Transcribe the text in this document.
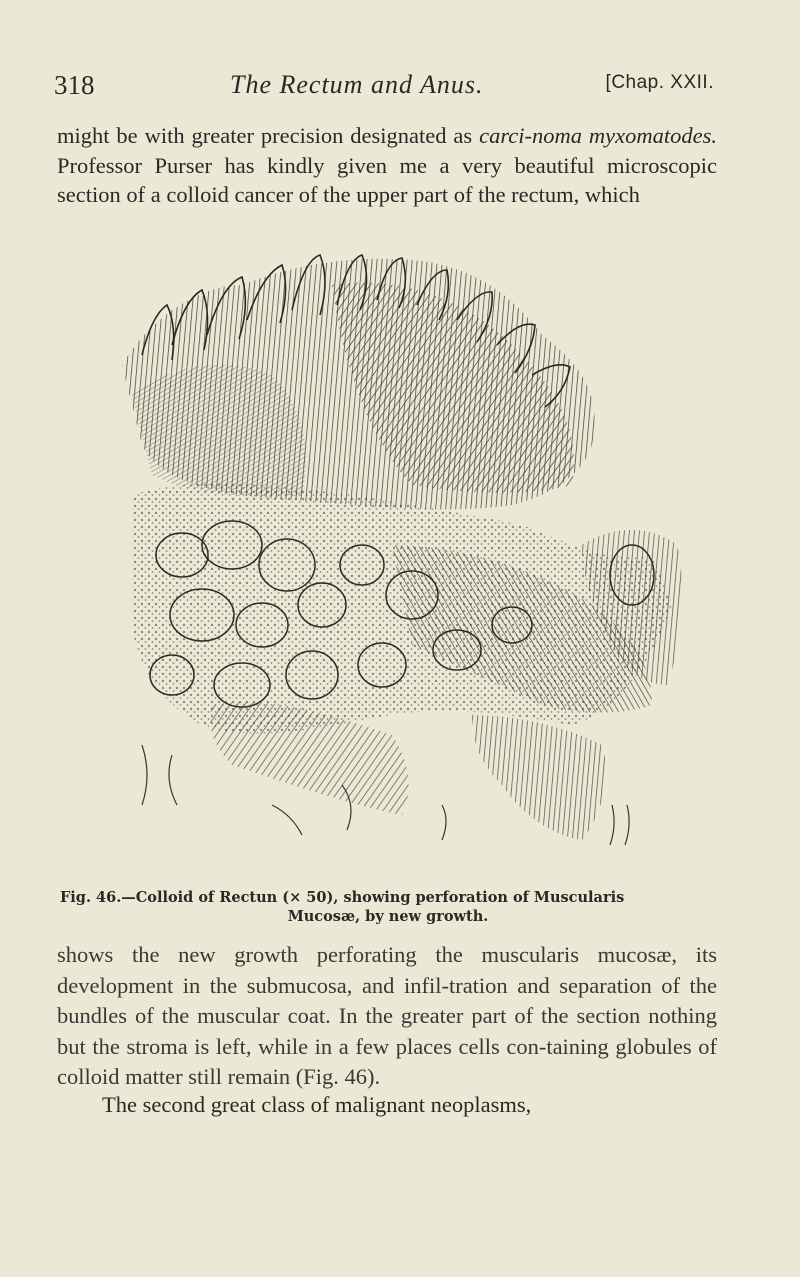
318	The Rectum and Anus.	[Chap. XXII.

might be with greater precision designated as carci-noma myxomatodes. Professor Purser has kindly given me a very beautiful microscopic section of a colloid cancer of the upper part of the rectum, which

Fig. 46.—Colloid of Rectun (× 50), showing perforation of Muscularis
Mucosæ, by new growth.

shows the new growth perforating the muscularis mucosæ, its development in the submucosa, and infil-tration and separation of the bundles of the muscular coat. In the greater part of the section nothing but the stroma is left, while in a few places cells con-taining globules of colloid matter still remain (Fig. 46).

The second great class of malignant neoplasms,
